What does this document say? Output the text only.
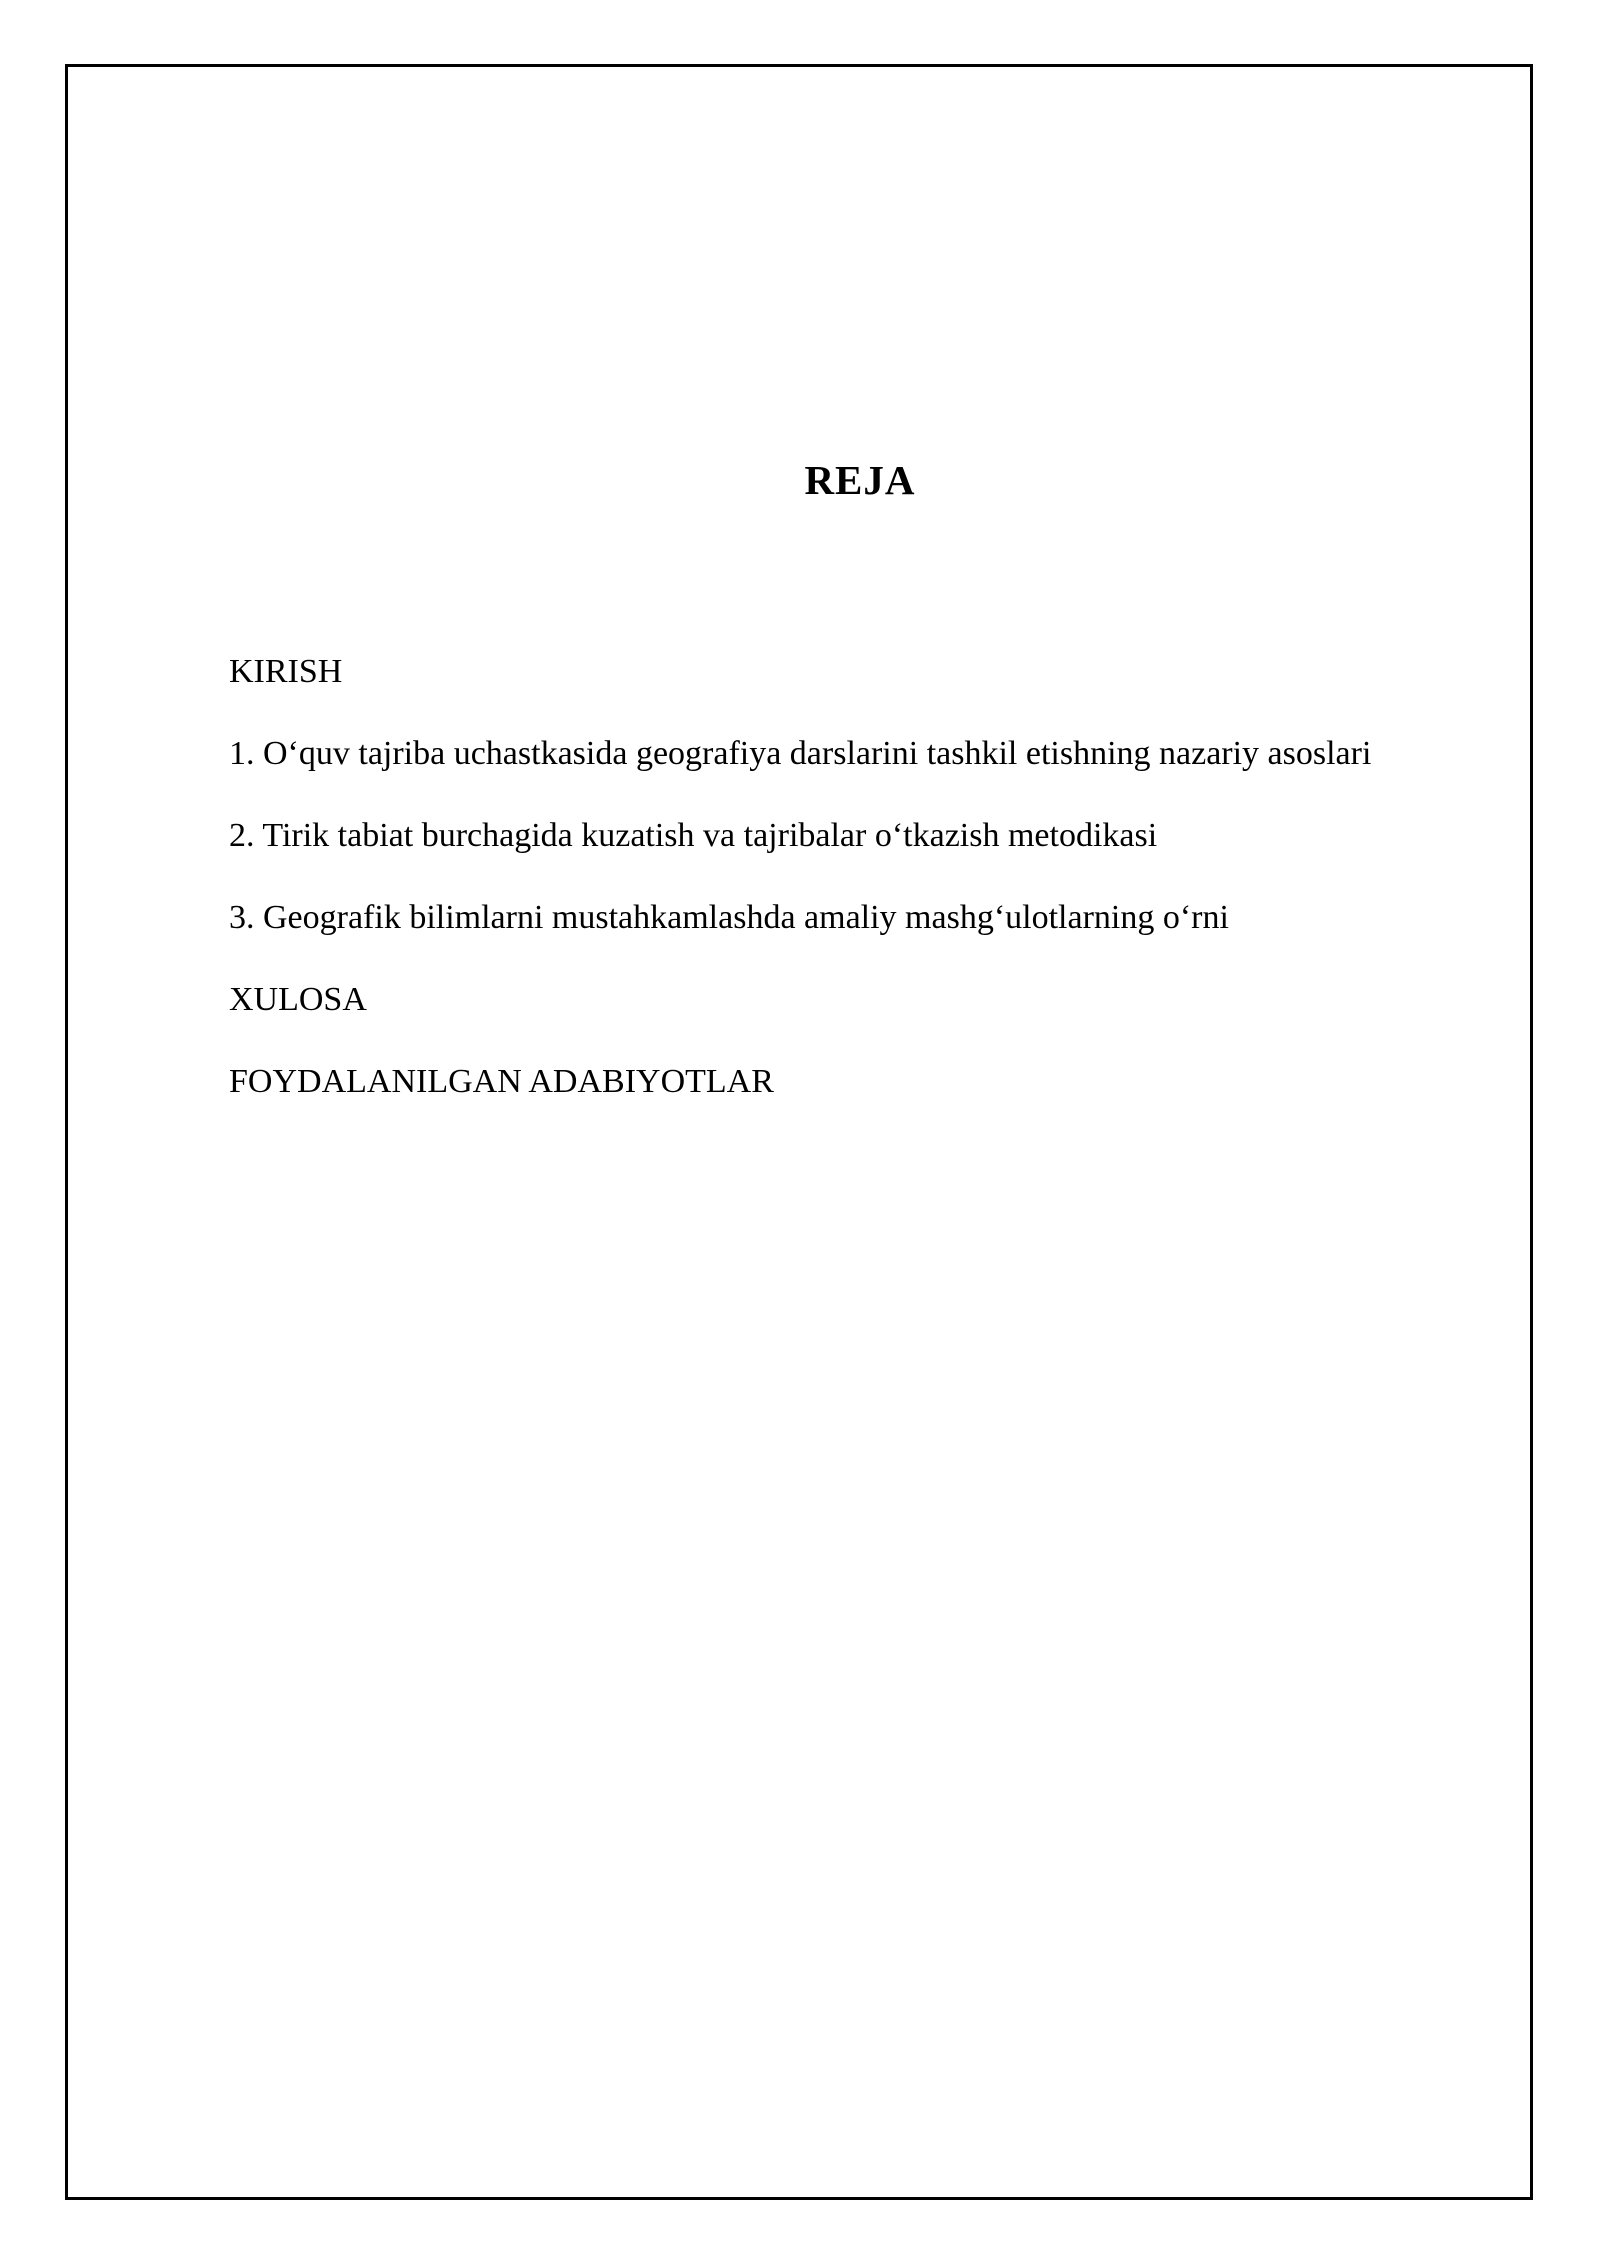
REJA
KIRISH
1. O‘quv tajriba uchastkasida geografiya darslarini tashkil etishning nazariy asoslari
2. Tirik tabiat burchagida kuzatish va tajribalar o‘tkazish metodikasi
3. Geografik bilimlarni mustahkamlashda amaliy mashg‘ulotlarning o‘rni
XULOSA
FOYDALANILGAN ADABIYOTLAR
